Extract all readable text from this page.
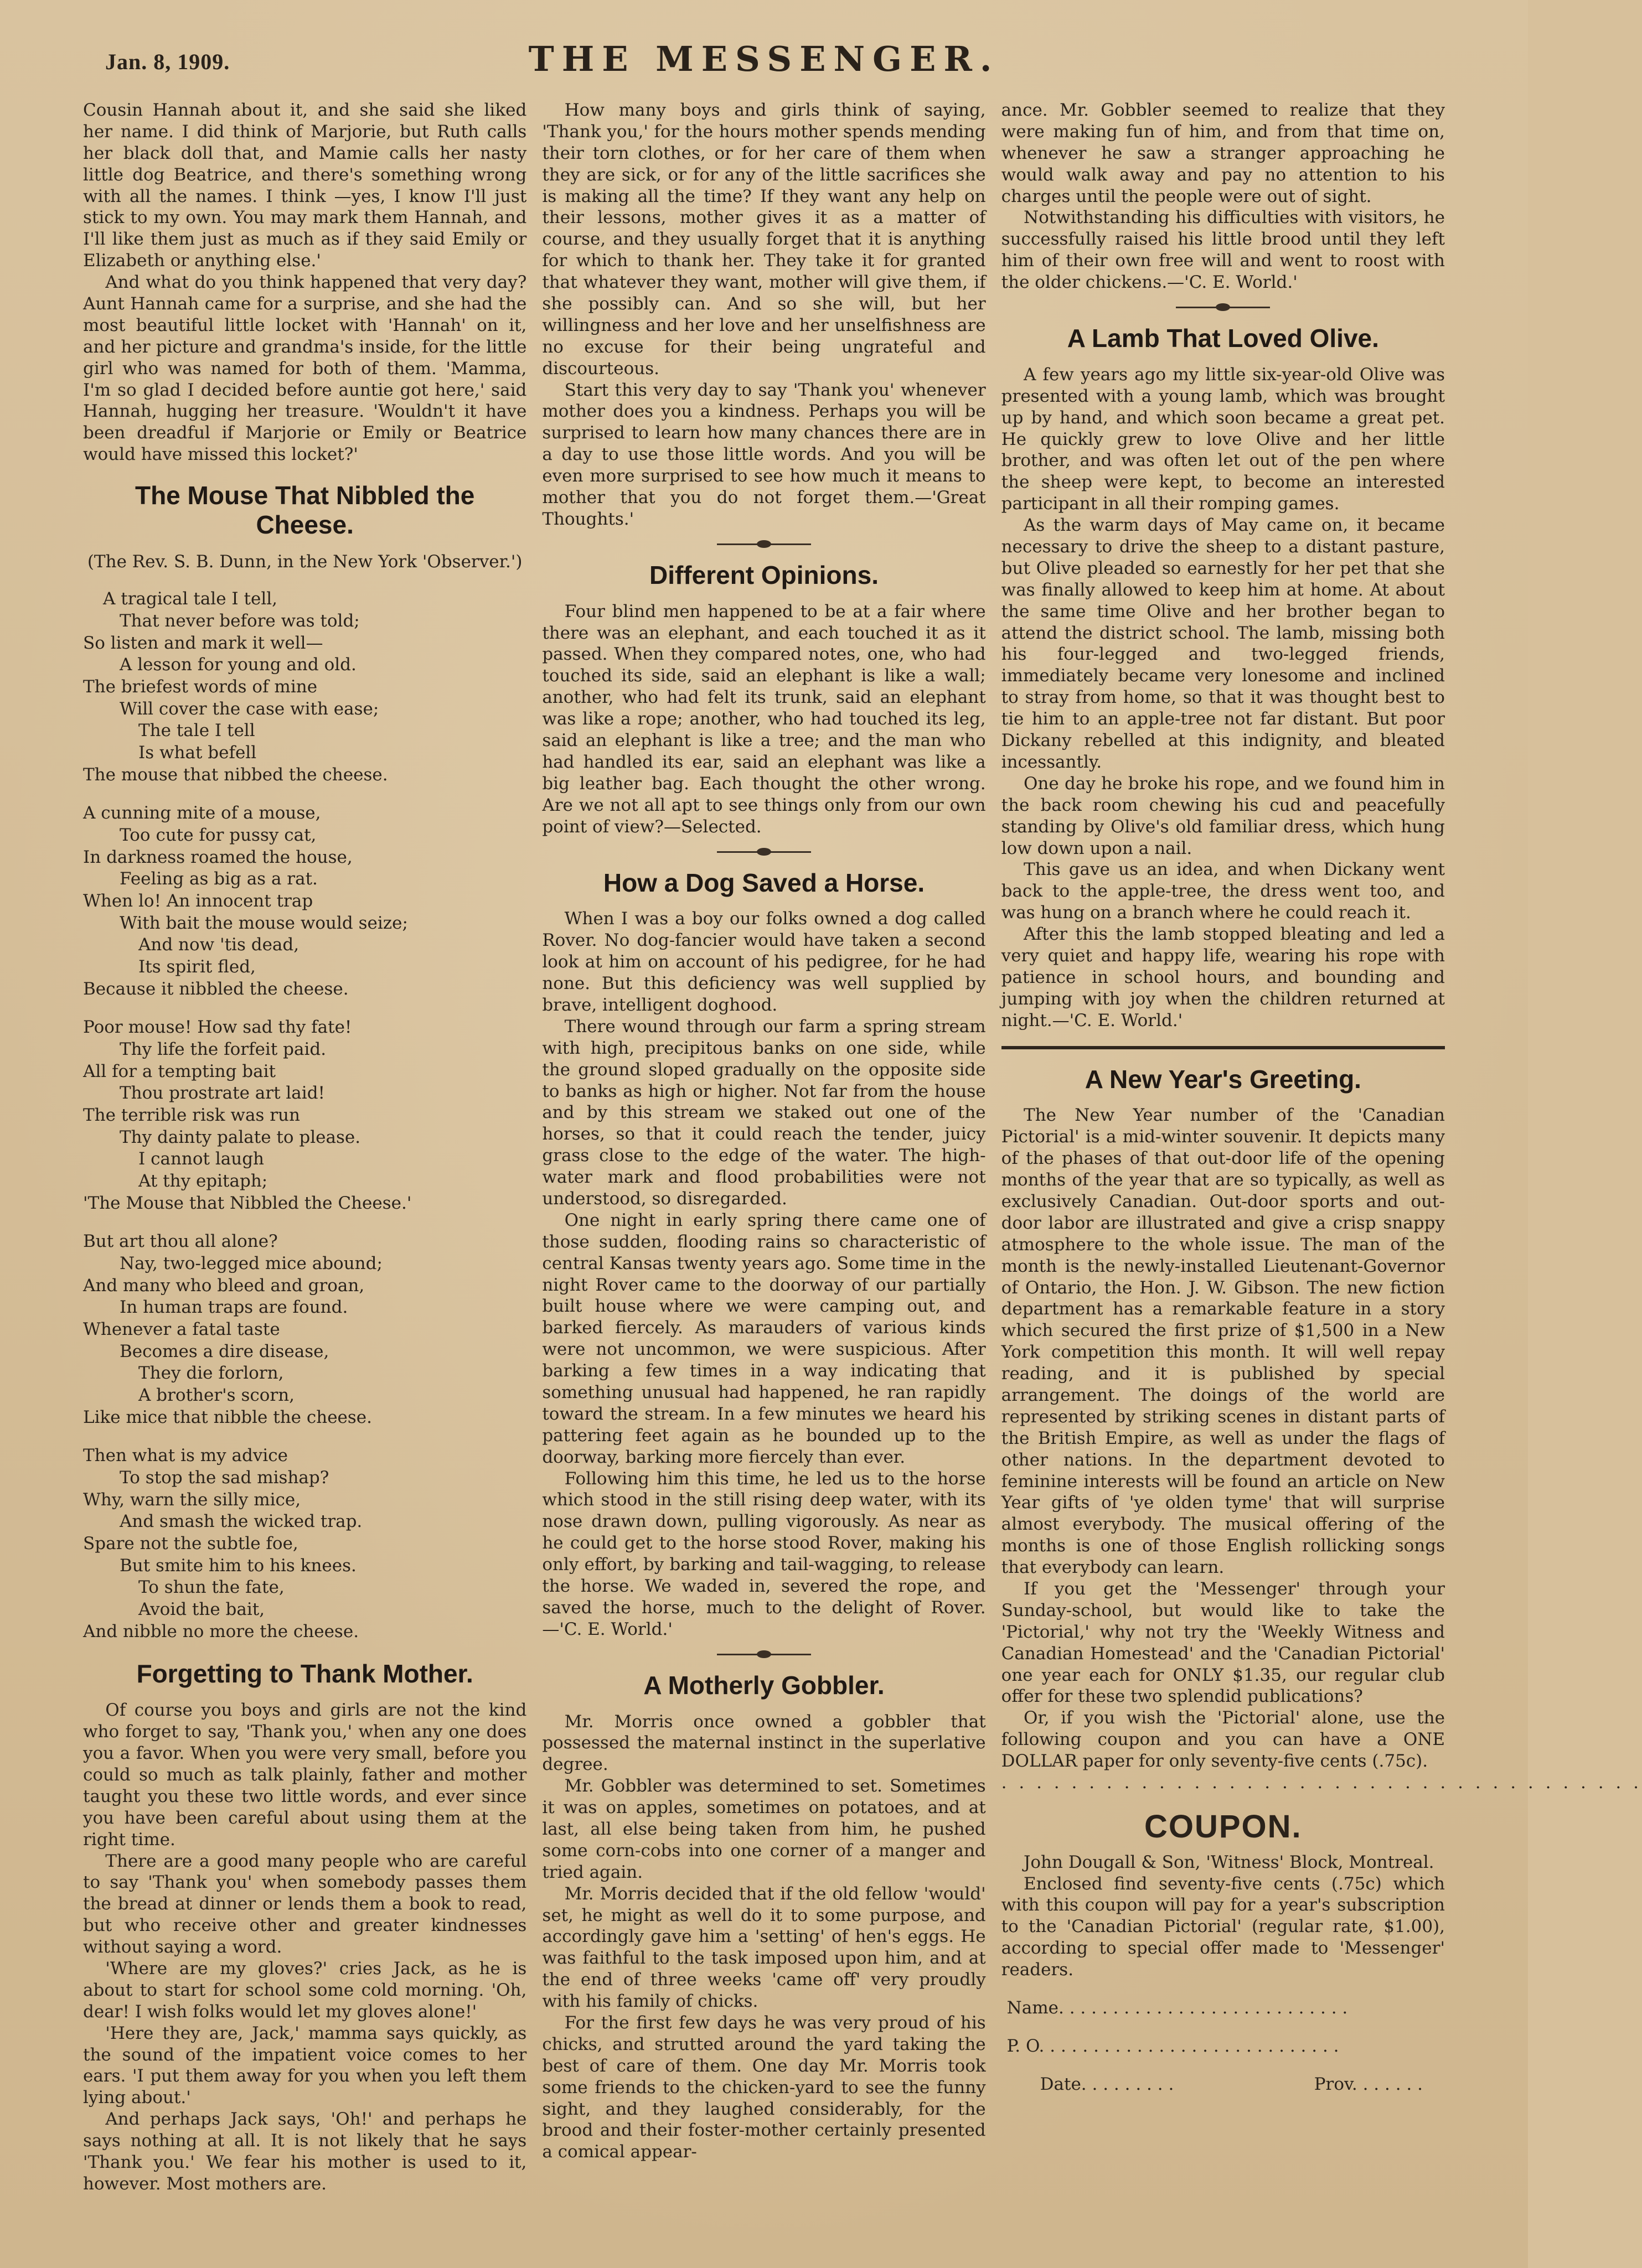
Jan. 8, 1909.	THE MESSENGER.

Cousin Hannah about it, and she said she liked her name. I did think of Marjorie, but Ruth calls her black doll that, and Mamie calls her nasty little dog Beatrice, and there's something wrong with all the names. I think —yes, I know I'll just stick to my own. You may mark them Hannah, and I'll like them just as much as if they said Emily or Elizabeth or anything else.'

And what do you think happened that very day? Aunt Hannah came for a surprise, and she had the most beautiful little locket with 'Hannah' on it, and her picture and grandma's inside, for the little girl who was named for both of them. 'Mamma, I'm so glad I decided before auntie got here,' said Hannah, hugging her treasure. 'Wouldn't it have been dreadful if Marjorie or Emily or Beatrice would have missed this locket?'

The Mouse That Nibbled the Cheese.
(The Rev. S. B. Dunn, in the New York 'Observer.')
A tragical tale I tell,
That never before was told;
So listen and mark it well—
A lesson for young and old.
The briefest words of mine
Will cover the case with ease;
The tale I tell
Is what befell
The mouse that nibbed the cheese.
A cunning mite of a mouse,
Too cute for pussy cat,
In darkness roamed the house,
Feeling as big as a rat.
When lo! An innocent trap
With bait the mouse would seize;
And now 'tis dead,
Its spirit fled,
Because it nibbled the cheese.
Poor mouse! How sad thy fate!
Thy life the forfeit paid.
All for a tempting bait
Thou prostrate art laid!
The terrible risk was run
Thy dainty palate to please.
I cannot laugh
At thy epitaph;
'The Mouse that Nibbled the Cheese.'
But art thou all alone?
Nay, two-legged mice abound;
And many who bleed and groan,
In human traps are found.
Whenever a fatal taste
Becomes a dire disease,
They die forlorn,
A brother's scorn,
Like mice that nibble the cheese.
Then what is my advice
To stop the sad mishap?
Why, warn the silly mice,
And smash the wicked trap.
Spare not the subtle foe,
But smite him to his knees.
To shun the fate,
Avoid the bait,
And nibble no more the cheese.
Forgetting to Thank Mother.

Of course you boys and girls are not the kind who forget to say, 'Thank you,' when any one does you a favor. When you were very small, before you could so much as talk plainly, father and mother taught you these two little words, and ever since you have been careful about using them at the right time.

There are a good many people who are careful to say 'Thank you' when somebody passes them the bread at dinner or lends them a book to read, but who receive other and greater kindnesses without saying a word.

'Where are my gloves?' cries Jack, as he is about to start for school some cold morning. 'Oh, dear! I wish folks would let my gloves alone!'

'Here they are, Jack,' mamma says quickly, as the sound of the impatient voice comes to her ears. 'I put them away for you when you left them lying about.'

And perhaps Jack says, 'Oh!' and perhaps he says nothing at all. It is not likely that he says 'Thank you.' We fear his mother is used to it, however. Most mothers are.

How many boys and girls think of saying, 'Thank you,' for the hours mother spends mending their torn clothes, or for her care of them when they are sick, or for any of the little sacrifices she is making all the time? If they want any help on their lessons, mother gives it as a matter of course, and they usually forget that it is anything for which to thank her. They take it for granted that whatever they want, mother will give them, if she possibly can. And so she will, but her willingness and her love and her unselfishness are no excuse for their being ungrateful and discourteous.

Start this very day to say 'Thank you' whenever mother does you a kindness. Perhaps you will be surprised to learn how many chances there are in a day to use those little words. And you will be even more surprised to see how much it means to mother that you do not forget them.—'Great Thoughts.'

Different Opinions.

Four blind men happened to be at a fair where there was an elephant, and each touched it as it passed. When they compared notes, one, who had touched its side, said an elephant is like a wall; another, who had felt its trunk, said an elephant was like a rope; another, who had touched its leg, said an elephant is like a tree; and the man who had handled its ear, said an elephant was like a big leather bag. Each thought the other wrong. Are we not all apt to see things only from our own point of view?—Selected.

How a Dog Saved a Horse.

When I was a boy our folks owned a dog called Rover. No dog-fancier would have taken a second look at him on account of his pedigree, for he had none. But this deficiency was well supplied by brave, intelligent doghood.

There wound through our farm a spring stream with high, precipitous banks on one side, while the ground sloped gradually on the opposite side to banks as high or higher. Not far from the house and by this stream we staked out one of the horses, so that it could reach the tender, juicy grass close to the edge of the water. The high-water mark and flood probabilities were not understood, so disregarded.

One night in early spring there came one of those sudden, flooding rains so characteristic of central Kansas twenty years ago. Some time in the night Rover came to the doorway of our partially built house where we were camping out, and barked fiercely. As marauders of various kinds were not uncommon, we were suspicious. After barking a few times in a way indicating that something unusual had happened, he ran rapidly toward the stream. In a few minutes we heard his pattering feet again as he bounded up to the doorway, barking more fiercely than ever.

Following him this time, he led us to the horse which stood in the still rising deep water, with its nose drawn down, pulling vigorously. As near as he could get to the horse stood Rover, making his only effort, by barking and tail-wagging, to release the horse. We waded in, severed the rope, and saved the horse, much to the delight of Rover. —'C. E. World.'

A Motherly Gobbler.

Mr. Morris once owned a gobbler that possessed the maternal instinct in the superlative degree.

Mr. Gobbler was determined to set. Sometimes it was on apples, sometimes on potatoes, and at last, all else being taken from him, he pushed some corn-cobs into one corner of a manger and tried again.

Mr. Morris decided that if the old fellow 'would' set, he might as well do it to some purpose, and accordingly gave him a 'setting' of hen's eggs. He was faithful to the task imposed upon him, and at the end of three weeks 'came off' very proudly with his family of chicks.

For the first few days he was very proud of his chicks, and strutted around the yard taking the best of care of them. One day Mr. Morris took some friends to the chicken-yard to see the funny sight, and they laughed considerably, for the brood and their foster-mother certainly presented a comical appear-

ance. Mr. Gobbler seemed to realize that they were making fun of him, and from that time on, whenever he saw a stranger approaching he would walk away and pay no attention to his charges until the people were out of sight.

Notwithstanding his difficulties with visitors, he successfully raised his little brood until they left him of their own free will and went to roost with the older chickens.—'C. E. World.'

A Lamb That Loved Olive.

A few years ago my little six-year-old Olive was presented with a young lamb, which was brought up by hand, and which soon became a great pet. He quickly grew to love Olive and her little brother, and was often let out of the pen where the sheep were kept, to become an interested participant in all their romping games.

As the warm days of May came on, it became necessary to drive the sheep to a distant pasture, but Olive pleaded so earnestly for her pet that she was finally allowed to keep him at home. At about the same time Olive and her brother began to attend the district school. The lamb, missing both his four-legged and two-legged friends, immediately became very lonesome and inclined to stray from home, so that it was thought best to tie him to an apple-tree not far distant. But poor Dickany rebelled at this indignity, and bleated incessantly.

One day he broke his rope, and we found him in the back room chewing his cud and peacefully standing by Olive's old familiar dress, which hung low down upon a nail.

This gave us an idea, and when Dickany went back to the apple-tree, the dress went too, and was hung on a branch where he could reach it.

After this the lamb stopped bleating and led a very quiet and happy life, wearing his rope with patience in school hours, and bounding and jumping with joy when the children returned at night.—'C. E. World.'

A New Year's Greeting.

The New Year number of the 'Canadian Pictorial' is a mid-winter souvenir. It depicts many of the phases of that out-door life of the opening months of the year that are so typically, as well as exclusively Canadian. Out-door sports and out-door labor are illustrated and give a crisp snappy atmosphere to the whole issue. The man of the month is the newly-installed Lieutenant-Governor of Ontario, the Hon. J. W. Gibson. The new fiction department has a remarkable feature in a story which secured the first prize of $1,500 in a New York competition this month. It will well repay reading, and it is published by special arrangement. The doings of the world are represented by striking scenes in distant parts of the British Empire, as well as under the flags of other nations. In the department devoted to feminine interests will be found an article on New Year gifts of 'ye olden tyme' that will surprise almost everybody. The musical offering of the months is one of those English rollicking songs that everybody can learn.

If you get the 'Messenger' through your Sunday-school, but would like to take the 'Pictorial,' why not try the 'Weekly Witness and Canadian Homestead' and the 'Canadian Pictorial' one year each for ONLY $1.35, our regular club offer for these two splendid publications?

Or, if you wish the 'Pictorial' alone, use the following coupon and you can have a ONE DOLLAR paper for only seventy-five cents (.75c).

. . . . . . . . . . . . . . . . . . . . . . . . . . . . . . . . . . . . .
COUPON.

John Dougall & Son, 'Witness' Block, Montreal.

Enclosed find seventy-five cents (.75c) which with this coupon will pay for a year's subscription to the 'Canadian Pictorial' (regular rate, $1.00), according to special offer made to 'Messenger' readers.

Name. . . . . . . . . . . . . . . . . . . . . . . . . . .
P. O. . . . . . . . . . . . . . . . . . . . . . . . . . . .
Date. . . . . . . . .	Prov. . . . . . .
